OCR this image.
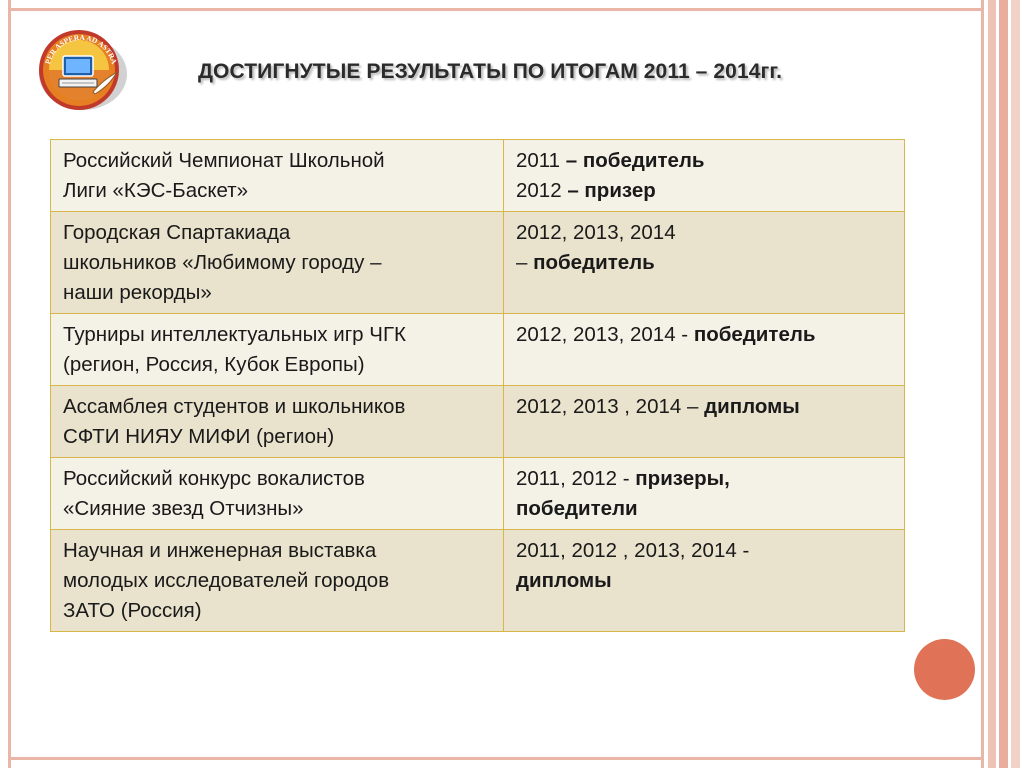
PER ASPERA AD ASTRA	ДОСТИГНУТЫЕ РЕЗУЛЬТАТЫ ПО ИТОГАМ 2011 – 2014гг.
Российский Чемпионат Школьной
Лиги «КЭС-Баскет»	2011 – победитель
2012 – призер

Городская Спартакиада
школьников «Любимому городу –
наши рекорды»	2012, 2013, 2014
– победитель

Турниры интеллектуальных игр ЧГК
(регион, Россия, Кубок Европы)	2012, 2013, 2014 - победитель

Ассамблея студентов и школьников
СФТИ НИЯУ МИФИ (регион)	2012, 2013 , 2014 – дипломы

Российский конкурс вокалистов
«Сияние звезд Отчизны»	2011, 2012 - призеры,
победители

Научная и инженерная выставка
молодых исследователей городов
ЗАТО (Россия)	2011, 2012 , 2013, 2014 -
дипломы
